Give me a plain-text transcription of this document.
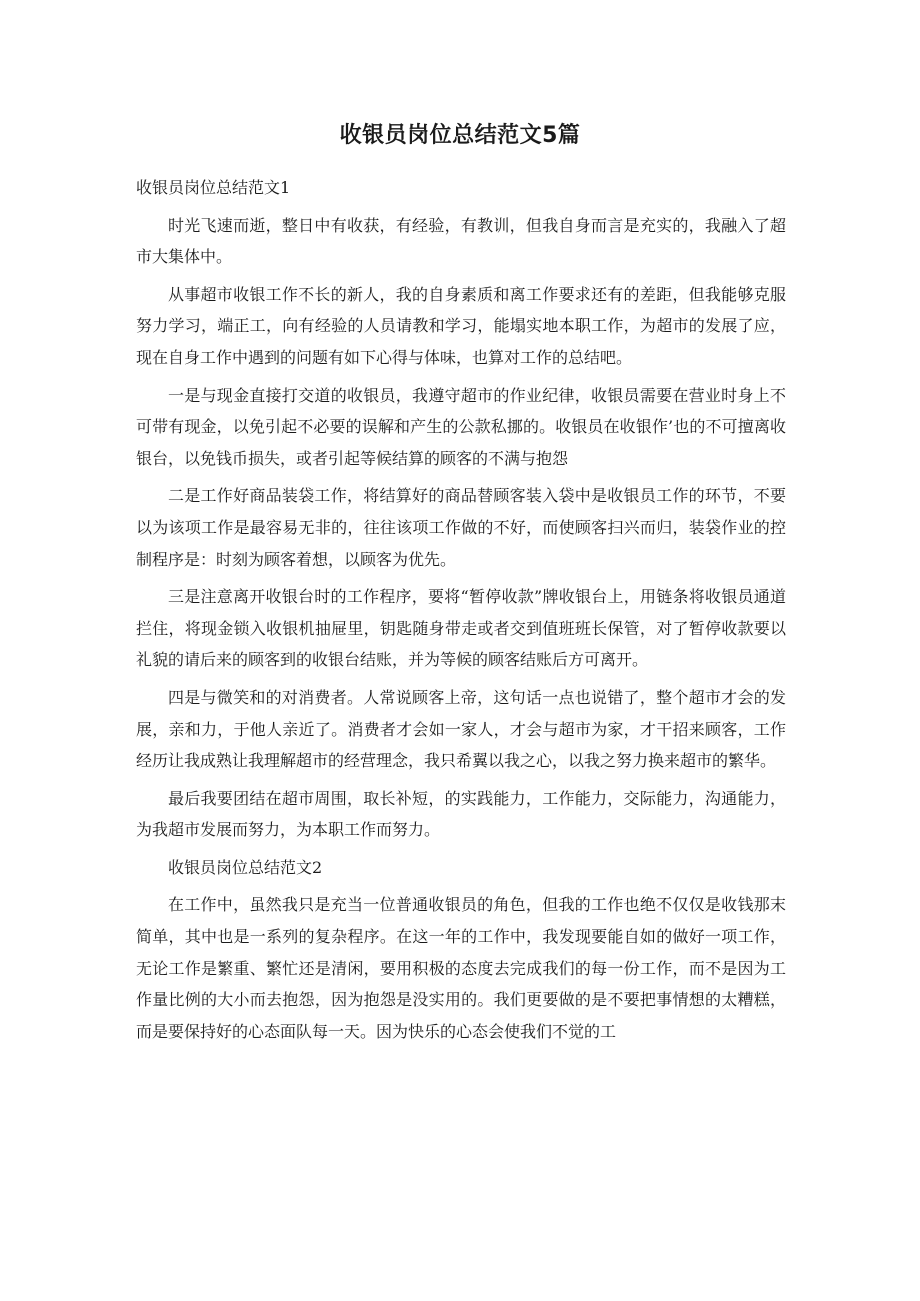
收银员岗位总结范文5篇

收银员岗位总结范文1

时光飞速而逝，整日中有收获，有经验，有教训，但我自身而言是充实的，我融入了超市大集体中。

从事超市收银工作不长的新人，我的自身素质和离工作要求还有的差距，但我能够克服努力学习，端正工，向有经验的人员请教和学习，能塌实地本职工作，为超市的发展了应，现在自身工作中遇到的问题有如下心得与体味，也算对工作的总结吧。

一是与现金直接打交道的收银员，我遵守超市的作业纪律，收银员需要在营业时身上不可带有现金，以免引起不必要的误解和产生的公款私挪的。收银员在收银作’也的不可擅离收银台，以免钱币损失，或者引起等候结算的顾客的不满与抱怨

二是工作好商品装袋工作，将结算好的商品替顾客装入袋中是收银员工作的环节，不要以为该项工作是最容易无非的，往往该项工作做的不好，而使顾客扫兴而归，装袋作业的控制程序是：时刻为顾客着想，以顾客为优先。

三是注意离开收银台时的工作程序，要将“暂停收款”牌收银台上，用链条将收银员通道拦住，将现金锁入收银机抽屉里，钥匙随身带走或者交到值班班长保管，对了暂停收款要以礼貌的请后来的顾客到的收银台结账，并为等候的顾客结账后方可离开。

四是与微笑和的对消费者。人常说顾客上帝，这句话一点也说错了，整个超市才会的发展，亲和力，于他人亲近了。消费者才会如一家人，才会与超市为家，才干招来顾客，工作经历让我成熟让我理解超市的经营理念，我只希翼以我之心，以我之努力换来超市的繁华。

最后我要团结在超市周围，取长补短，的实践能力，工作能力，交际能力，沟通能力，为我超市发展而努力，为本职工作而努力。

收银员岗位总结范文2

在工作中，虽然我只是充当一位普通收银员的角色，但我的工作也绝不仅仅是收钱那末简单，其中也是一系列的复杂程序。在这一年的工作中，我发现要能自如的做好一项工作，无论工作是繁重、繁忙还是清闲，要用积极的态度去完成我们的每一份工作，而不是因为工作量比例的大小而去抱怨，因为抱怨是没实用的。我们更要做的是不要把事情想的太糟糕，而是要保持好的心态面队每一天。因为快乐的心态会使我们不觉的工
